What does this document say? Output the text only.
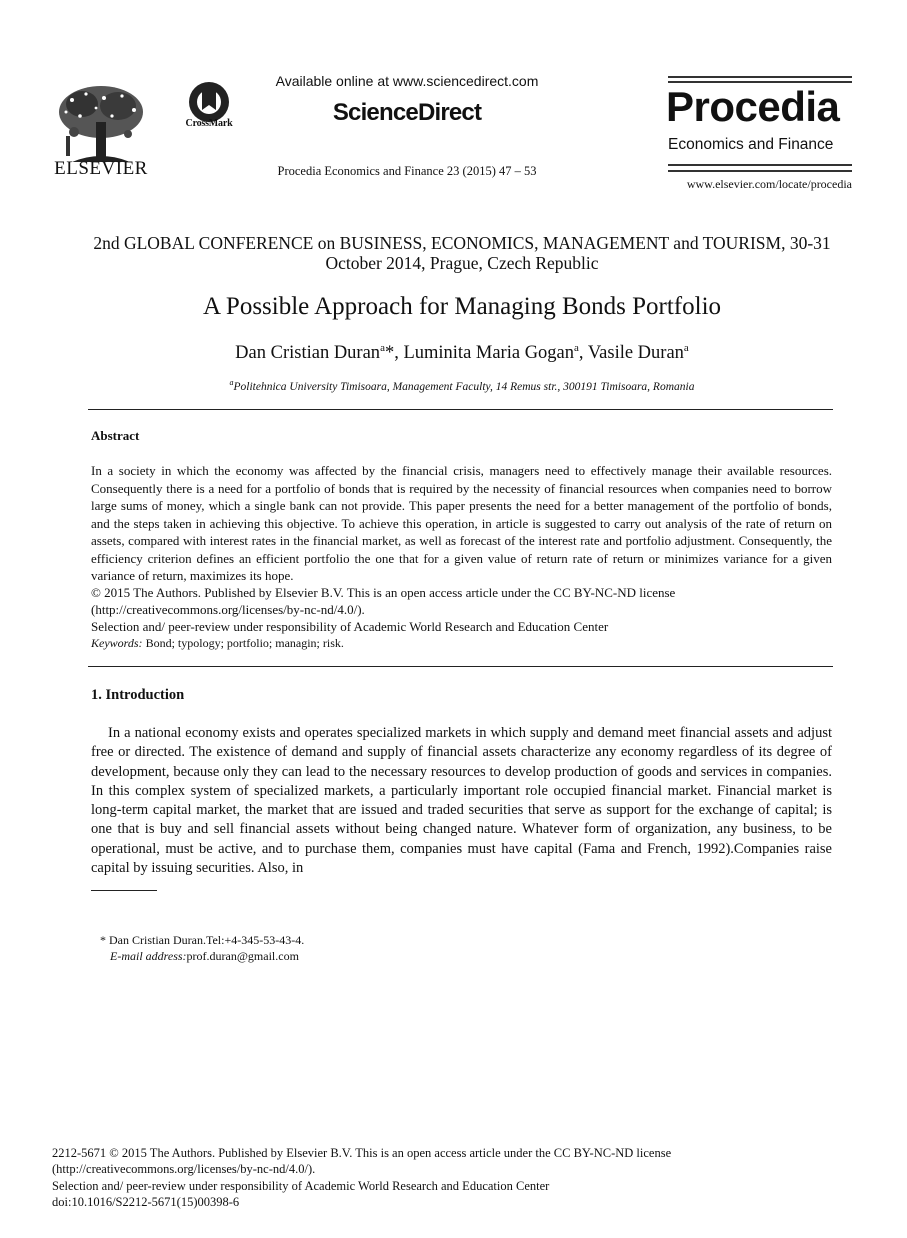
ELSEVIER
CrossMark
Available online at www.sciencedirect.com
ScienceDirect
Procedia Economics and Finance 23 (2015) 47 – 53
Procedia
Economics and Finance
www.elsevier.com/locate/procedia
2nd GLOBAL CONFERENCE on BUSINESS, ECONOMICS, MANAGEMENT and TOURISM, 30-31 October 2014, Prague, Czech Republic
A Possible Approach for Managing Bonds Portfolio
Dan Cristian Duran$^a$*, Luminita Maria Gogan$^a$, Vasile Duran$^a$
$^a$Politehnica University Timisoara, Management Faculty, 14 Remus str., 300191 Timisoara, Romania
Abstract
In a society in which the economy was affected by the financial crisis, managers need to effectively manage their available resources. Consequently there is a need for a portfolio of bonds that is required by the necessity of financial resources when companies need to borrow large sums of money, which a single bank can not provide. This paper presents the need for a better management of the portfolio of bonds, and the steps taken in achieving this objective. To achieve this operation, in article is suggested to carry out analysis of the rate of return on assets, compared with interest rates in the financial market, as well as forecast of the interest rate and portfolio adjustment. Consequently, the efficiency criterion defines an efficient portfolio the one that for a given value of return rate of return or minimizes variance for a given variance of return, maximizes its hope.
© 2015 The Authors. Published by Elsevier B.V. This is an open access article under the CC BY-NC-ND license
(http://creativecommons.org/licenses/by-nc-nd/4.0/).
Selection and/ peer-review under responsibility of Academic World Research and Education Center
Keywords: Bond; typology; portfolio; managin; risk.
1. Introduction
In a national economy exists and operates specialized markets in which supply and demand meet financial assets and adjust free or directed. The existence of demand and supply of financial assets characterize any economy regardless of its degree of development, because only they can lead to the necessary resources to develop production of goods and services in companies. In this complex system of specialized markets, a particularly important role occupied financial market. Financial market is long-term capital market, the market that are issued and traded securities that serve as support for the exchange of capital; is one that is buy and sell financial assets without being changed nature. Whatever form of organization, any business, to be operational, must be active, and to purchase them, companies must have capital (Fama and French, 1992).Companies raise capital by issuing securities. Also, in
* Dan Cristian Duran.Tel:+4-345-53-43-4.
E-mail address:prof.duran@gmail.com
2212-5671 © 2015 The Authors. Published by Elsevier B.V. This is an open access article under the CC BY-NC-ND license
(http://creativecommons.org/licenses/by-nc-nd/4.0/).
Selection and/ peer-review under responsibility of Academic World Research and Education Center
doi:10.1016/S2212-5671(15)00398-6
